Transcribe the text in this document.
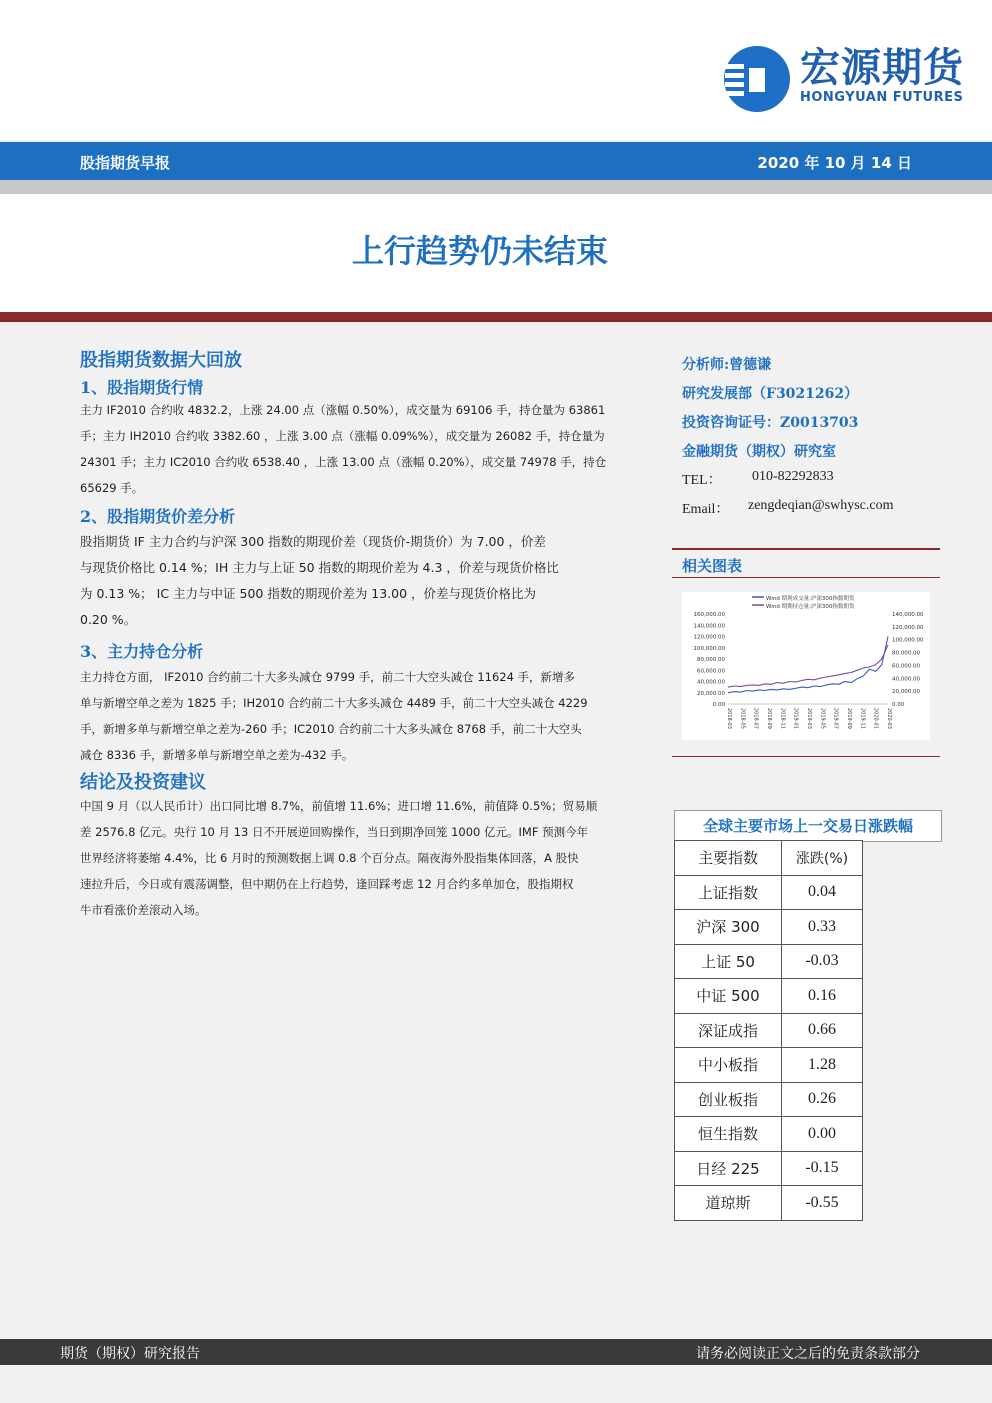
宏源期货
HONGYUAN FUTURES
股指期货早报	2020 年 10 月 14 日
上行趋势仍未结束
股指期货数据大回放
1、股指期货行情
主力 IF2010 合约收 4832.2，上涨 24.00 点（涨幅 0.50%），成交量为 69106 手，持仓量为 63861
手；主力 IH2010 合约收 3382.60 ，上涨 3.00 点（涨幅 0.09%%），成交量为 26082 手，持仓量为
24301 手；主力 IC2010 合约收 6538.40 ，上涨 13.00 点（涨幅 0.20%），成交量 74978 手，持仓
65629 手。
2、股指期货价差分析
股指期货 IF 主力合约与沪深 300 指数的期现价差（现货价-期货价）为 7.00 ，价差
与现货价格比 0.14 %；IH 主力与上证 50 指数的期现价差为 4.3 ，价差与现货价格比
为 0.13 %； IC 主力与中证 500 指数的期现价差为 13.00 ，价差与现货价格比为
0.20 %。
3、主力持仓分析
主力持仓方面， IF2010 合约前二十大多头减仓 9799 手，前二十大空头减仓 11624 手，新增多
单与新增空单之差为 1825 手；IH2010 合约前二十大多头减仓 4489 手，前二十大空头减仓 4229
手，新增多单与新增空单之差为-260 手；IC2010 合约前二十大多头减仓 8768 手，前二十大空头
减仓 8336 手，新增多单与新增空单之差为-432 手。
结论及投资建议
中国 9 月（以人民币计）出口同比增 8.7%，前值增 11.6%；进口增 11.6%，前值降 0.5%；贸易顺
差 2576.8 亿元。央行 10 月 13 日不开展逆回购操作，当日到期净回笼 1000 亿元。IMF 预测今年
世界经济将萎缩 4.4%，比 6 月时的预测数据上调 0.8 个百分点。隔夜海外股指集体回落，A 股快
速拉升后，今日或有震荡调整，但中期仍在上行趋势，逢回踩考虑 12 月合约多单加仓，股指期权
牛市看涨价差滚动入场。
分析师:曾德谦
研究发展部（F3021262）
投资咨询证号：Z0013703
金融期货（期权）研究室
TEL： 010-82292833
Email： zengdeqian@swhysc.com
相关图表
Wind 期现成交量:沪深300指数期货
Wind 期期持仓量:沪深300指数期货
160,000.00
140,000.00
120,000.00
100,000.00
80,000.00
60,000.00
40,000.00
20,000.00
0.00
140,000.00
120,000.00
100,000.00
80,000.00
60,000.00
40,000.00
20,000.00
0.00
2018-03 2018-05 2018-07 2018-09 2018-11 2019-01 2019-03 2019-05 2019-07 2019-09 2019-11 2020-01 2020-03
全球主要市场上一交易日涨跌幅
主要指数	涨跌(%)
上证指数	0.04
沪深 300	0.33
上证 50	-0.03
中证 500	0.16
深证成指	0.66
中小板指	1.28
创业板指	0.26
恒生指数	0.00
日经 225	-0.15
道琼斯	-0.55
期货（期权）研究报告	请务必阅读正文之后的免责条款部分
